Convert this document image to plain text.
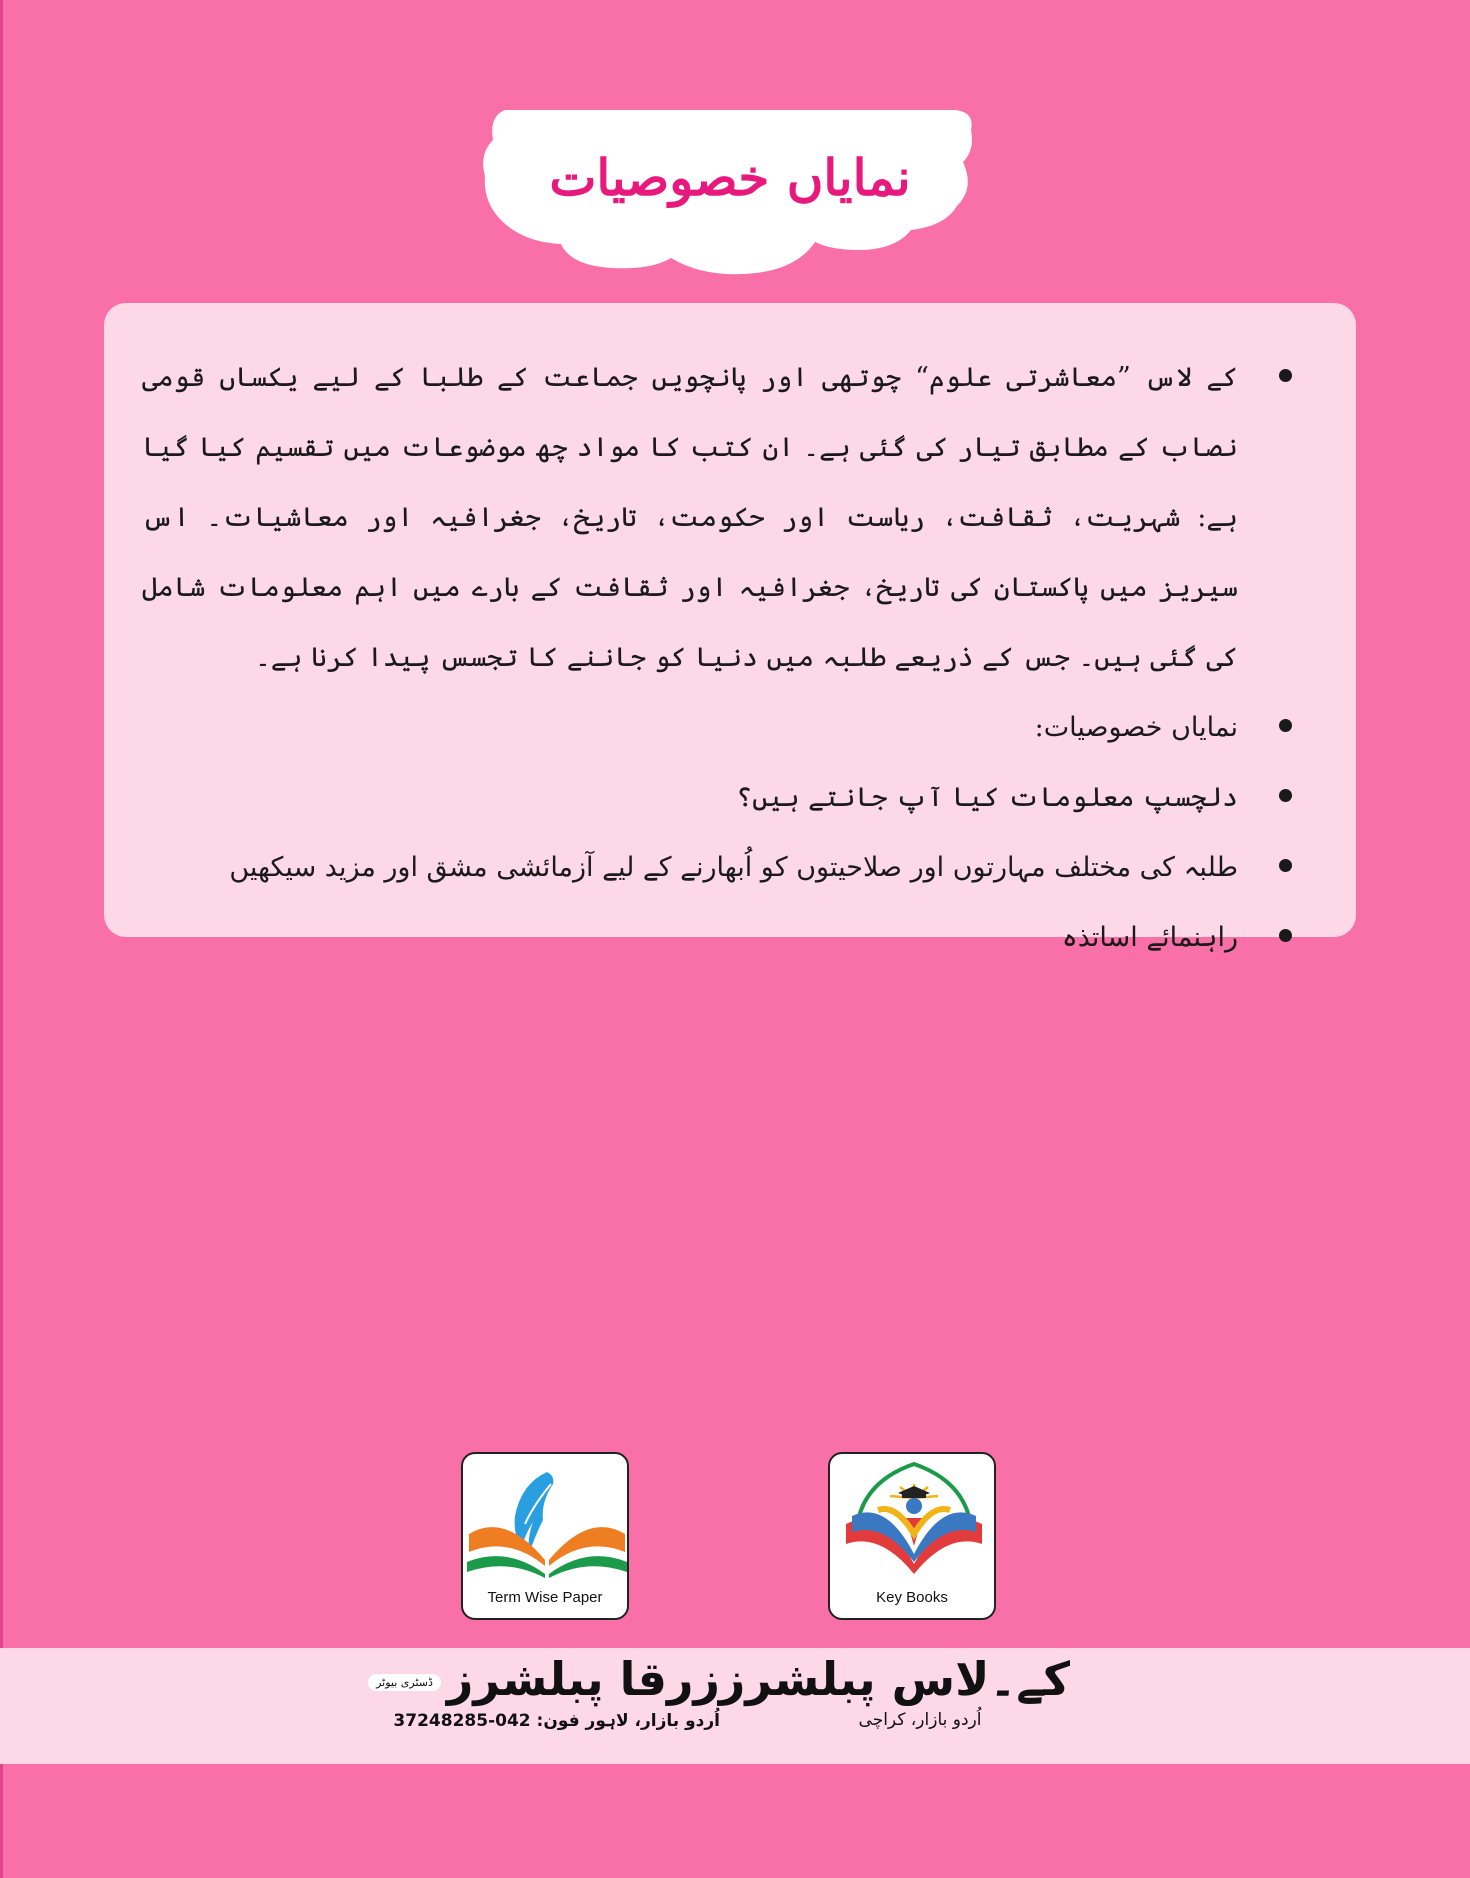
نمایاں خصوصیات
کے لاس ”معاشرتی علوم“ چوتھی اور پانچویں جماعت کے طلبا کے لیے یکساں قومی نصاب کے مطابق تیار کی گئی ہے۔ ان کتب کا مواد چھ موضوعات میں تقسیم کیا گیا ہے: شہریت، ثقافت، ریاست اور حکومت، تاریخ، جغرافیہ اور معاشیات۔ اس سیریز میں پاکستان کی تاریخ، جغرافیہ اور ثقافت کے بارے میں اہم معلومات شامل کی گئی ہیں۔ جس کے ذریعے طلبہ میں دنیا کو جاننے کا تجسس پیدا کرنا ہے۔
نمایاں خصوصیات:
دلچسپ معلومات کیا آپ جانتے ہیں؟
طلبہ کی مختلف مہارتوں اور صلاحیتوں کو اُبھارنے کے لیے آزمائشی مشق اور مزید سیکھیں
راہنمائے اساتذہ
Term Wise Paper	Key Books
کے۔لاس پبلشرز
اُردو بازار، کراچی
زرقا پبلشرزڈسٹری بیوٹر
اُردو بازار، لاہور فون: 042-37248285
